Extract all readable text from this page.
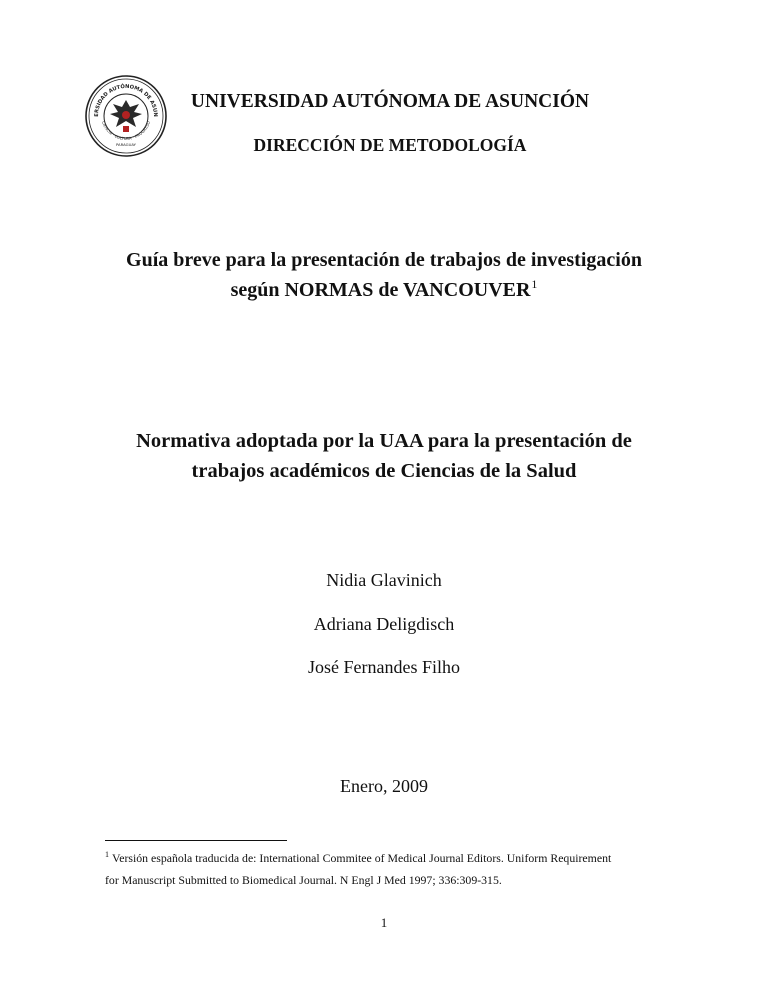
ERSIDAD AUTÓNOMA DE ASUN
CIENCIA · CULTURA · PROGRESO
PARAGUAY
UNIVERSIDAD AUTÓNOMA DE ASUNCIÓN
DIRECCIÓN DE METODOLOGÍA
Guía breve para la presentación de trabajos de investigación
según NORMAS de VANCOUVER$^1$
Normativa adoptada por la UAA para la presentación de
trabajos académicos de Ciencias de la Salud
Nidia Glavinich
Adriana Deligdisch
José Fernandes Filho
Enero, 2009
$^1$ Versión española traducida de: International Commitee of Medical Journal Editors. Uniform Requirement
for Manuscript Submitted to Biomedical Journal. N Engl J Med 1997; 336:309-315.
1
